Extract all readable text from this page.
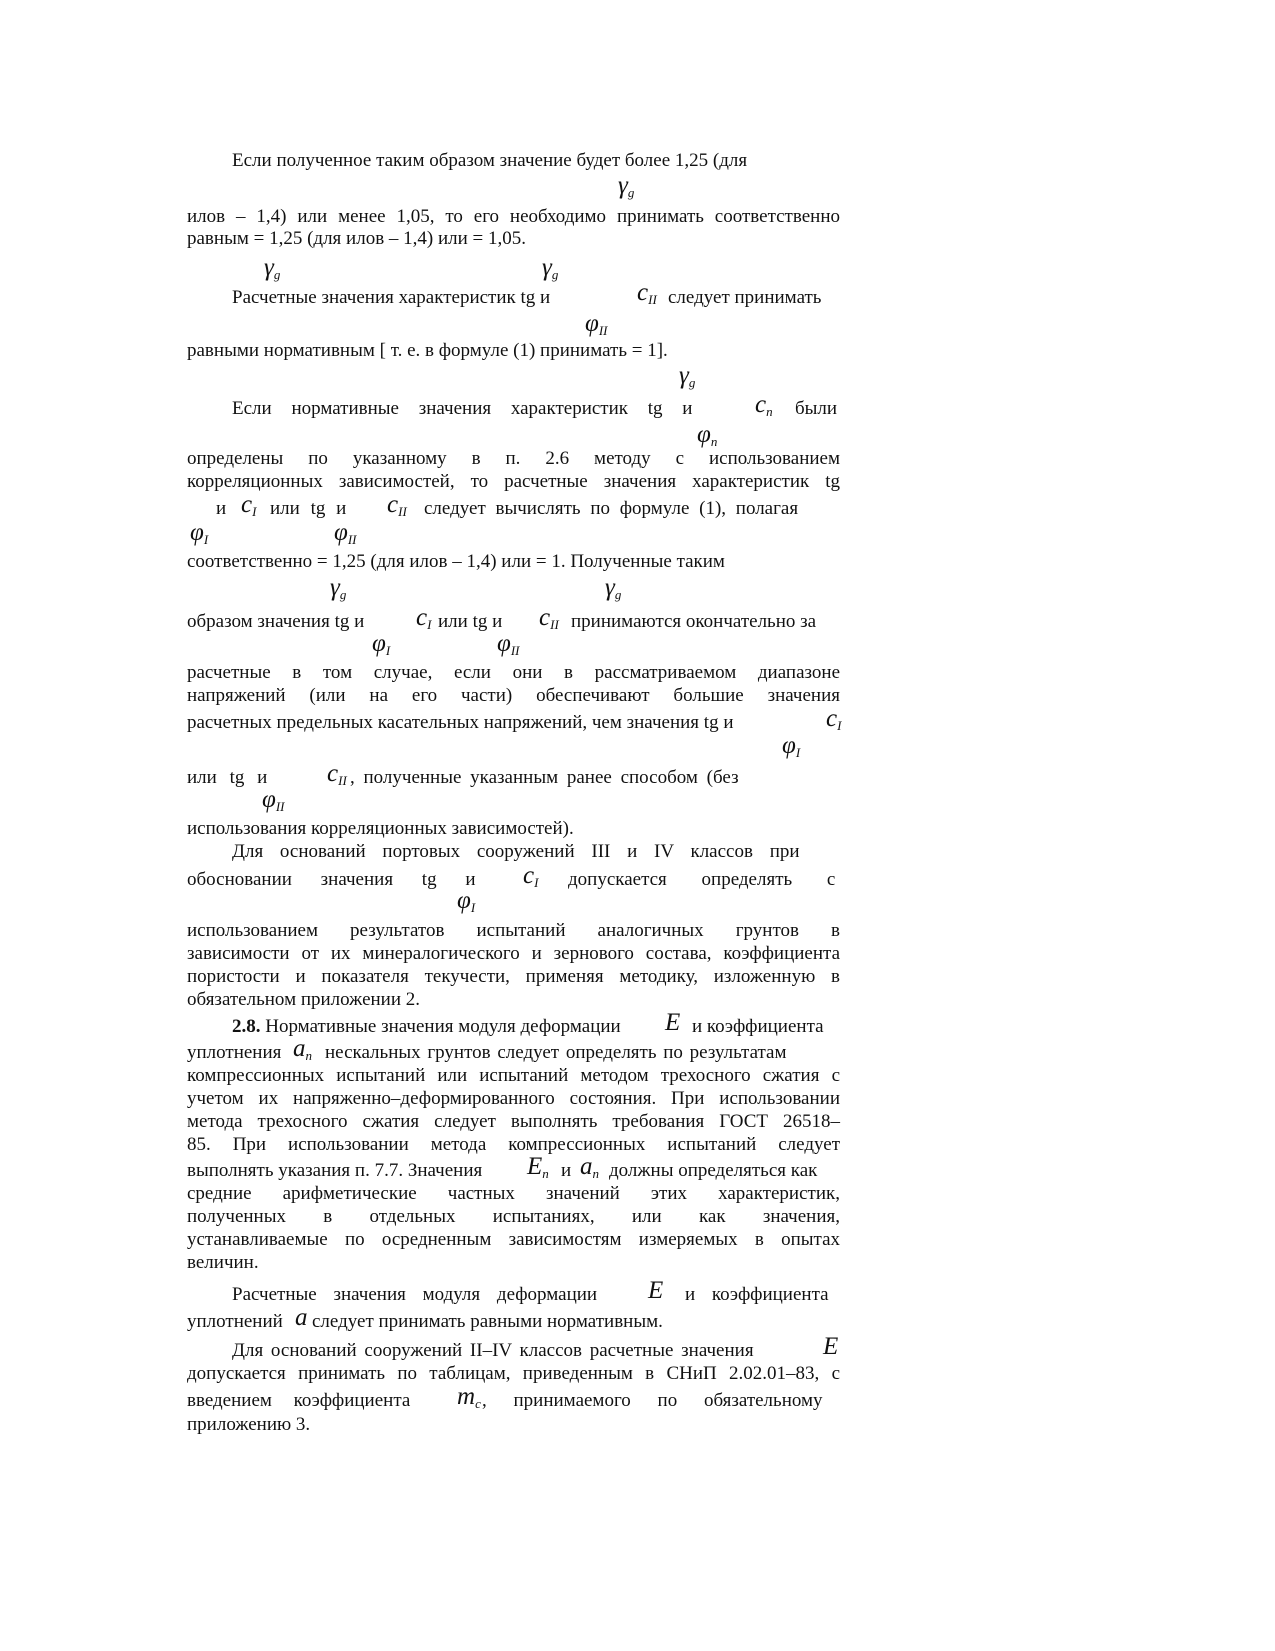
Если полученное таким образом значение будет более 1,25 (для
$\gamma_g$
илов – 1,4) или менее 1,05, то его необходимо принимать соответственно
равным = 1,25 (для илов – 1,4) или = 1,05.
$\gamma_g$	$\gamma_g$
Расчетные значения характеристик tg и	$c_{II}$ следует принимать
$\varphi_{II}$
равными нормативным [ т. е. в формуле (1) принимать = 1].
$\gamma_g$
Если нормативные значения характеристик tg и	$c_n$ были
$\varphi_n$
определены по указанному в п. 2.6 методу с использованием
корреляционных зависимостей, то расчетные значения характеристик tg
и $c_I$ или tg и $c_{II}$ следует вычислять по формуле (1), полагая
$\varphi_I$	$\varphi_{II}$
соответственно = 1,25 (для илов – 1,4) или = 1. Полученные таким
$\gamma_g$	$\gamma_g$
образом значения tg и $c_I$ или tg и $c_{II}$ принимаются окончательно за
$\varphi_I$	$\varphi_{II}$
расчетные в том случае, если они в рассматриваемом диапазоне
напряжений (или на его части) обеспечивают большие значения
расчетных предельных касательных напряжений, чем значения tg и	$c_I$
$\varphi_I$
или tg и $c_{II}$ , полученные указанным ранее способом (без
$\varphi_{II}$
использования корреляционных зависимостей).
Для оснований портовых сооружений III и IV классов при
обосновании значения tg и $c_I$ допускается определять с
$\varphi_I$
использованием результатов испытаний аналогичных грунтов в
зависимости от их минералогического и зернового состава, коэффициента
пористости и показателя текучести, применяя методику, изложенную в
обязательном приложении 2.
2.8. Нормативные значения модуля деформации E и коэффициента
уплотнения $a_n$ нескальных грунтов следует определять по результатам
компрессионных испытаний или испытаний методом трехосного сжатия с
учетом их напряженно–деформированного состояния. При использовании
метода трехосного сжатия следует выполнять требования ГОСТ 26518–
85. При использовании метода компрессионных испытаний следует
выполнять указания п. 7.7. Значения $E_n$ и $a_n$ должны определяться как
средние арифметические частных значений этих характеристик,
полученных в отдельных испытаниях, или как значения,
устанавливаемые по осредненным зависимостям измеряемых в опытах
величин.
Расчетные значения модуля деформации E и коэффициента
уплотнений a следует принимать равными нормативным.
Для оснований сооружений II–IV классов расчетные значения	E
допускается принимать по таблицам, приведенным в СНиП 2.02.01–83, с
введением коэффициента $m_c$ , принимаемого по обязательному
приложению 3.
